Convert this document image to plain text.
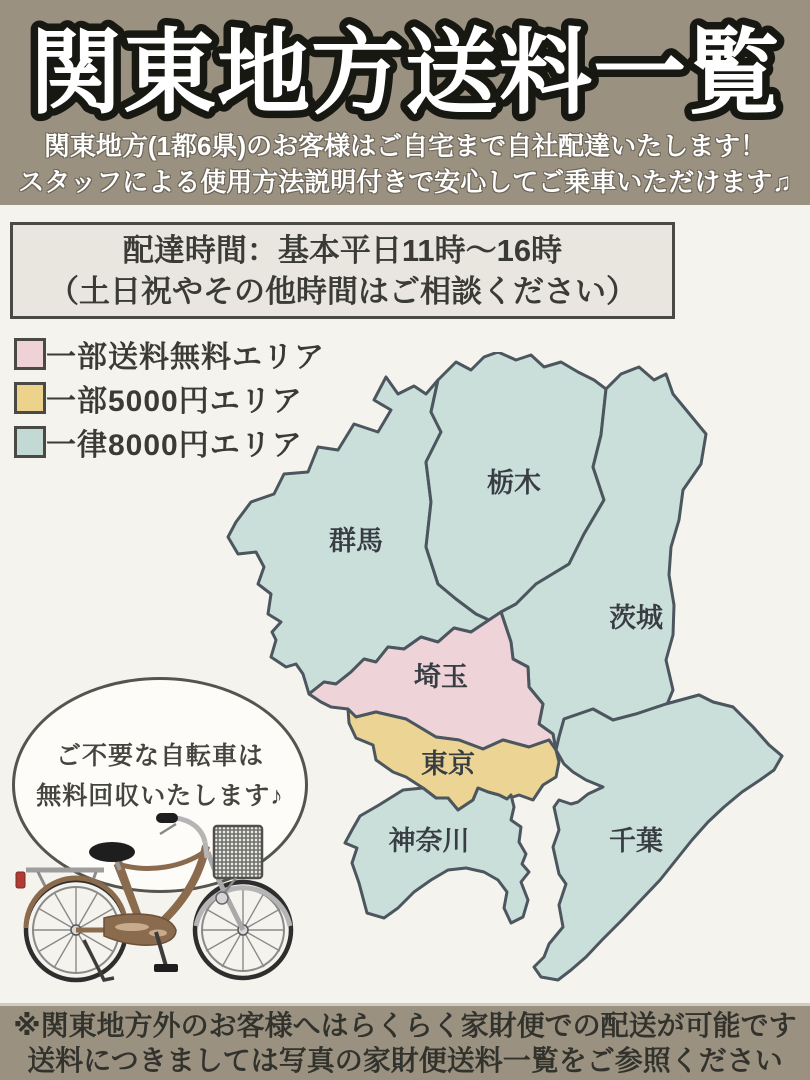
関東地方送料一覧
関東地方(1都6県)のお客様はご自宅まで自社配達いたします！
スタッフによる使用方法説明付きで安心してご乗車いただけます♫
配達時間：基本平日11時～16時
（土日祝やその他時間はご相談ください）
一部送料無料エリア
一部5000円エリア
一律8000円エリア
群馬
栃木
茨城
埼玉
東京
神奈川	千葉
ご不要な自転車は
無料回収いたします♪
※関東地方外のお客様へはらくらく家財便での配送が可能です
送料につきましては写真の家財便送料一覧をご参照ください
